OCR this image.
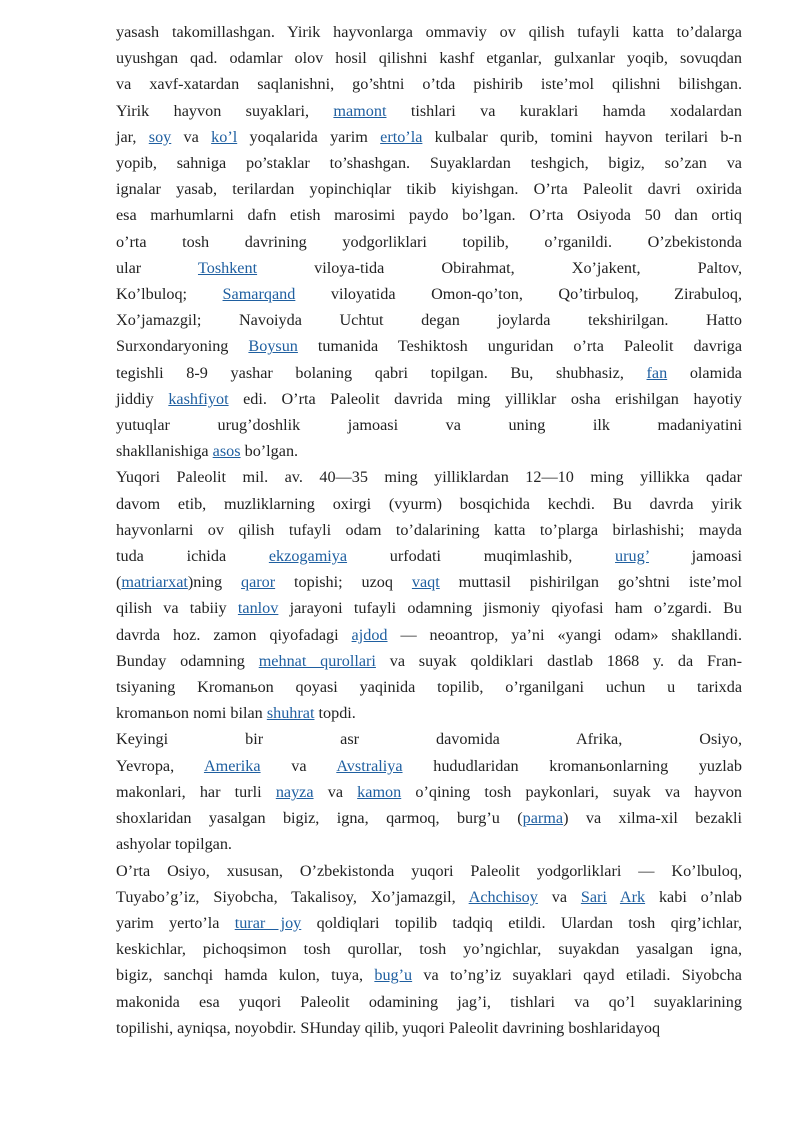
yasash takomillashgan. Yirik hayvonlarga ommaviy ov qilish tufayli katta to’dalarga
uyushgan qad. odamlar olov hosil qilishni kashf etganlar, gulxanlar yoqib, sovuqdan
va xavf-xatardan saqlanishni, go’shtni o’tda pishirib iste’mol qilishni bilishgan.
Yirik hayvon suyaklari, mamont tishlari va kuraklari hamda xodalardan
jar, soy va ko’l yoqalarida yarim erto’la kulbalar qurib, tomini hayvon terilari b-n
yopib, sahniga po’staklar to’shashgan. Suyaklardan teshgich, bigiz, so’zan va
ignalar yasab, terilardan yopinchiqlar tikib kiyishgan. O’rta Paleolit davri oxirida
esa marhumlarni dafn etish marosimi paydo bo’lgan. O’rta Osiyoda 50 dan ortiq
o’rta tosh davrining yodgorliklari topilib, o’rganildi. O’zbekistonda
ular Toshkent viloya-tida Obirahmat, Xo’jakent, Paltov,
Ko’lbuloq; Samarqand viloyatida Omon-qo’ton, Qo’tirbuloq, Zirabuloq,
Xo’jamazgil; Navoiyda Uchtut degan joylarda tekshirilgan. Hatto
Surxondaryoning Boysun tumanida Teshiktosh unguridan o’rta Paleolit davriga
tegishli 8-9 yashar bolaning qabri topilgan. Bu, shubhasiz, fan olamida
jiddiy kashfiyot edi. O’rta Paleolit davrida ming yilliklar osha erishilgan hayotiy
yutuqlar urug’doshlik jamoasi va uning ilk madaniyatini
shakllanishiga asos bo’lgan.

Yuqori Paleolit mil. av. 40—35 ming yilliklardan 12—10 ming yillikka qadar
davom etib, muzliklarning oxirgi (vyurm) bosqichida kechdi. Bu davrda yirik
hayvonlarni ov qilish tufayli odam to’dalarining katta to’plarga birlashishi; mayda
tuda ichida ekzogamiya urfodati muqimlashib, urug’ jamoasi
(matriarxat)ning qaror topishi; uzoq vaqt muttasil pishirilgan go’shtni iste’mol
qilish va tabiiy tanlov jarayoni tufayli odamning jismoniy qiyofasi ham o’zgardi. Bu
davrda hoz. zamon qiyofadagi ajdod — neoantrop, ya’ni «yangi odam» shakllandi.
Bunday odamning mehnat qurollari va suyak qoldiklari dastlab 1868 y. da Fran-
tsiyaning Kromanьon qoyasi yaqinida topilib, o’rganilgani uchun u tarixda
kromanьon nomi bilan shuhrat topdi.

Keyingi bir asr davomida Afrika, Osiyo,
Yevropa, Amerika va Avstraliya hududlaridan kromanьonlarning yuzlab
makonlari, har turli nayza va kamon o’qining tosh paykonlari, suyak va hayvon
shoxlaridan yasalgan bigiz, igna, qarmoq, burg’u (parma) va xilma-xil bezakli
ashyolar topilgan.

O’rta Osiyo, xususan, O’zbekistonda yuqori Paleolit yodgorliklari — Ko’lbuloq,
Tuyabo’g’iz, Siyobcha, Takalisoy, Xo’jamazgil, Achchisoy va Sari Ark kabi o’nlab
yarim yerto’la turar joy qoldiqlari topilib tadqiq etildi. Ulardan tosh qirg’ichlar,
keskichlar, pichoqsimon tosh qurollar, tosh yo’ngichlar, suyakdan yasalgan igna,
bigiz, sanchqi hamda kulon, tuya, bug’u va to’ng’iz suyaklari qayd etiladi. Siyobcha
makonida esa yuqori Paleolit odamining jag’i, tishlari va qo’l suyaklarining
topilishi, ayniqsa, noyobdir. SHunday qilib, yuqori Paleolit davrining boshlaridayoq
